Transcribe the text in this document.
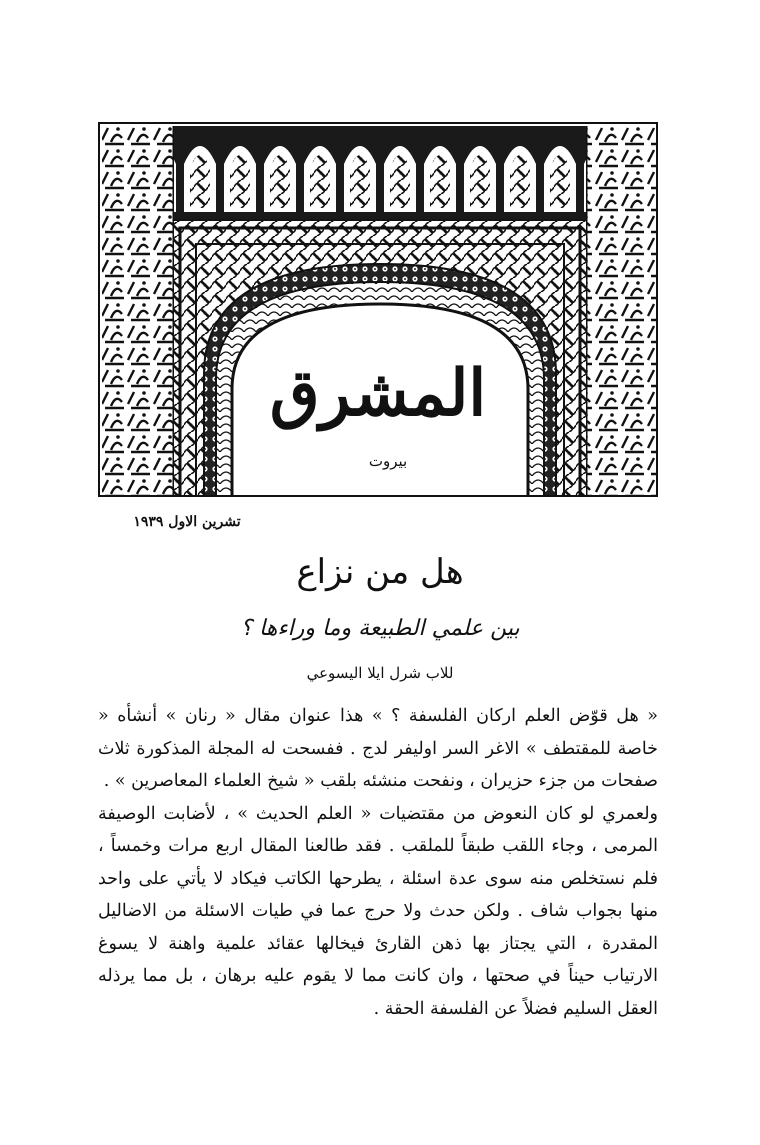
المشرق
بيروت
تشرين الاول ١٩٣٩
هل من نزاع
بين علمي الطبيعة وما وراءها ؟
للاب شرل ايلا اليسوعي

« هل قوّض العلم اركان الفلسفة ؟ » هذا عنوان مقال « رنان » أنشأه « خاصة للمقتطف » الاغر السر اوليفر لدج . ففسحت له المجلة المذكورة ثلاث صفحات من جزء حزيران ، ونفحت منشئه بلقب « شيخ العلماء المعاصرين » .

ولعمري لو كان النعوض من مقتضيات « العلم الحديث » ، لأضابت الوصيفة المرمى ، وجاء اللقب طبقاً للملقب . فقد طالعنا المقال اربع مرات وخمساً ، فلم نستخلص منه سوى عدة اسئلة ، يطرحها الكاتب فيكاد لا يأتي على واحد منها بجواب شاف . ولكن حدث ولا حرج عما في طيات الاسئلة من الاضاليل المقدرة ، التي يجتاز بها ذهن القارئ فيخالها عقائد علمية واهنة لا يسوغ الارتياب حيناً في صحتها ، وان كانت مما لا يقوم عليه برهان ، بل مما يرذله العقل السليم فضلاً عن الفلسفة الحقة .
